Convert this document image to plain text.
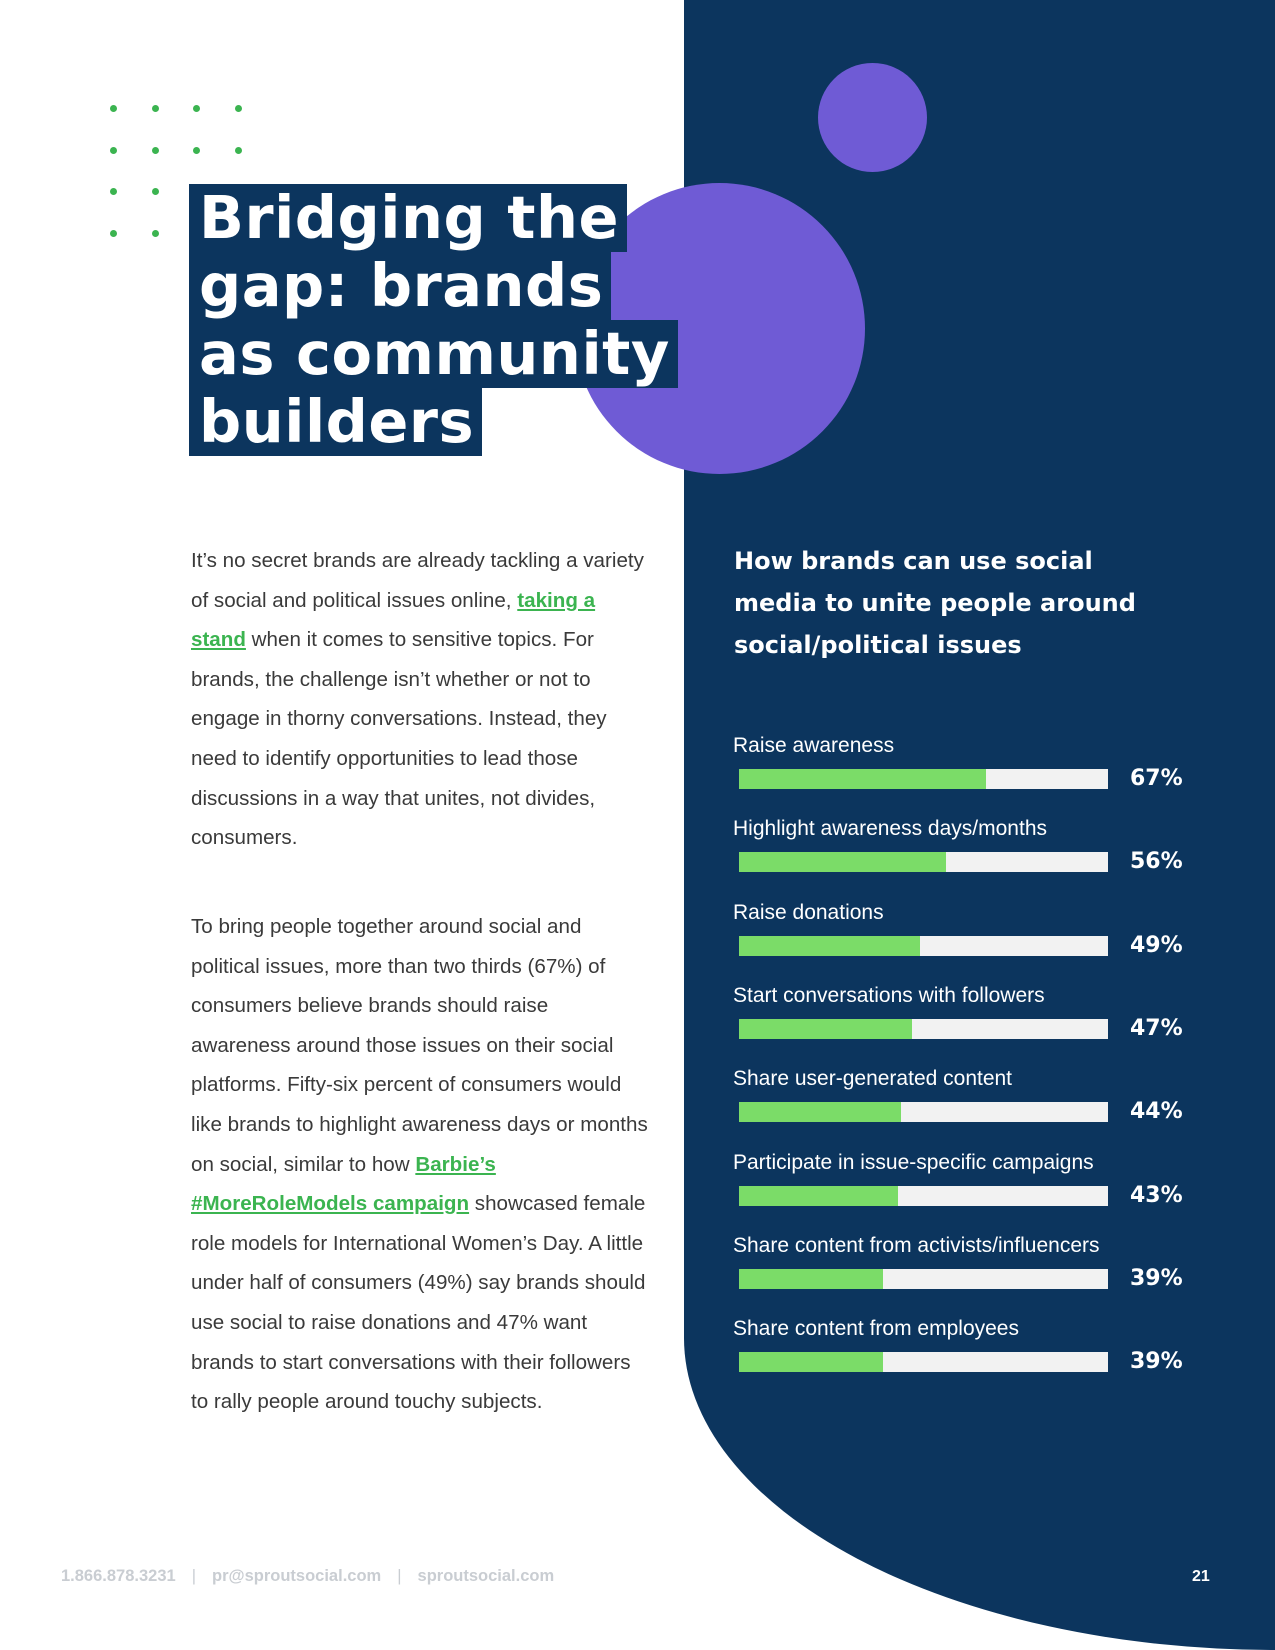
Bridging the
gap: brands
as community
builders
It’s no secret brands are already tackling a variety of social and political issues online, taking a stand when it comes to sensitive topics. For brands, the challenge isn’t whether or not to engage in thorny conversations. Instead, they need to identify opportunities to lead those discussions in a way that unites, not divides, consumers.
To bring people together around social and political issues, more than two thirds (67%) of consumers believe brands should raise awareness around those issues on their social platforms. Fifty-six percent of consumers would like brands to highlight awareness days or months on social, similar to how Barbie’s #MoreRoleModels campaign showcased female role models for International Women’s Day. A little under half of consumers (49%) say brands should use social to raise donations and 47% want brands to start conversations with their followers to rally people around touchy subjects.
How brands can use social media to unite people around social/political issues
Raise awareness
67%
Highlight awareness days/months
56%
Raise donations
49%
Start conversations with followers
47%
Share user-generated content
44%
Participate in issue-specific campaigns
43%
Share content from activists/influencers
39%
Share content from employees
39%
1.866.878.3231 | pr@sproutsocial.com | sproutsocial.com	21
